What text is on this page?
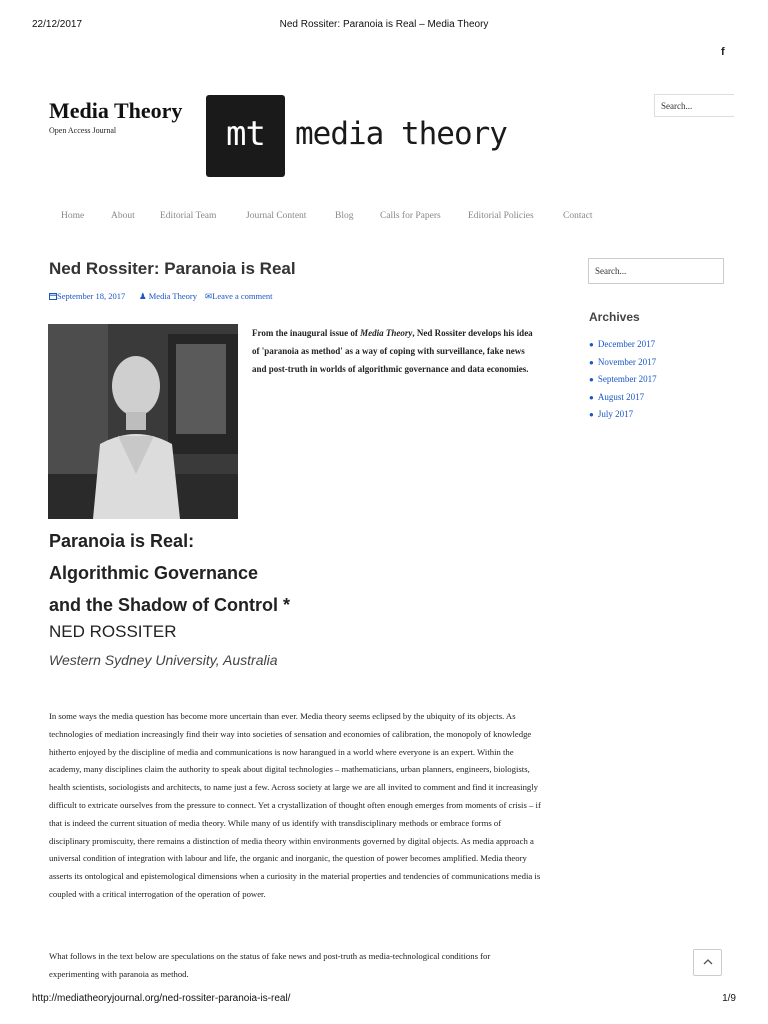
22/12/2017	Ned Rossiter: Paranoia is Real – Media Theory
f
Media Theory
Open Access Journal	mt media theory
Search...
Home	About	Editorial Team	Journal Content	Blog	Calls for Papers	Editorial Policies	Contact
Ned Rossiter: Paranoia is Real
September 18, 2017 ♟ Media Theory ✉Leave a comment
From the inaugural issue of Media Theory, Ned Rossiter develops his idea of 'paranoia as method' as a way of coping with surveillance, fake news and post-truth in worlds of algorithmic governance and data economies.
Paranoia is Real:
Algorithmic Governance
and the Shadow of Control *
NED ROSSITER
Western Sydney University, Australia

In some ways the media question has become more uncertain than ever. Media theory seems eclipsed by the ubiquity of its objects. As technologies of mediation increasingly find their way into societies of sensation and economies of calibration, the monopoly of knowledge hitherto enjoyed by the discipline of media and communications is now harangued in a world where everyone is an expert. Within the academy, many disciplines claim the authority to speak about digital technologies – mathematicians, urban planners, engineers, biologists, health scientists, sociologists and architects, to name just a few. Across society at large we are all invited to comment and find it increasingly difficult to extricate ourselves from the pressure to connect. Yet a crystallization of thought often enough emerges from moments of crisis – if that is indeed the current situation of media theory. While many of us identify with transdisciplinary methods or embrace forms of disciplinary promiscuity, there remains a distinction of media theory within environments governed by digital objects. As media approach a universal condition of integration with labour and life, the organic and inorganic, the question of power becomes amplified. Media theory asserts its ontological and epistemological dimensions when a curiosity in the material properties and tendencies of communications media is coupled with a critical interrogation of the operation of power.

What follows in the text below are speculations on the status of fake news and post-truth as media-technological conditions for experimenting with paranoia as method.

Search...
Archives
● December 2017
● November 2017
● September 2017
● August 2017
● July 2017
http://mediatheoryjournal.org/ned-rossiter-paranoia-is-real/	1/9
